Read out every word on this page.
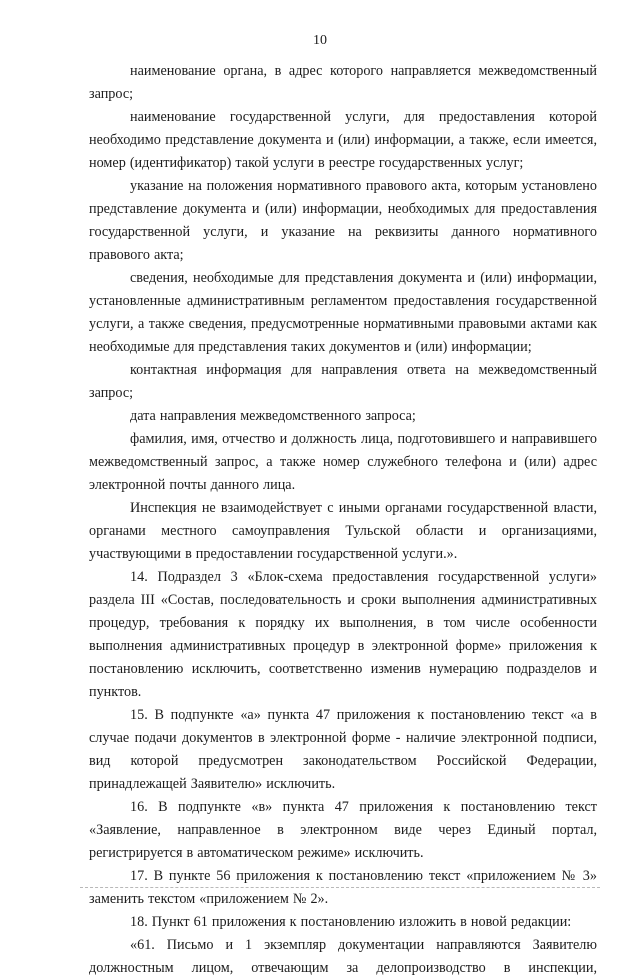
10

наименование органа, в адрес которого направляется межведомственный запрос;

наименование государственной услуги, для предоставления которой необходимо представление документа и (или) информации, а также, если имеется, номер (идентификатор) такой услуги в реестре государственных услуг;

указание на положения нормативного правового акта, которым установлено представление документа и (или) информации, необходимых для предоставления государственной услуги, и указание на реквизиты данного нормативного правового акта;

сведения, необходимые для представления документа и (или) информации, установленные административным регламентом предоставления государственной услуги, а также сведения, предусмотренные нормативными правовыми актами как необходимые для представления таких документов и (или) информации;

контактная информация для направления ответа на межведомственный запрос;

дата направления межведомственного запроса;

фамилия, имя, отчество и должность лица, подготовившего и направившего межведомственный запрос, а также номер служебного телефона и (или) адрес электронной почты данного лица.

Инспекция не взаимодействует с иными органами государственной власти, органами местного самоуправления Тульской области и организациями, участвующими в предоставлении государственной услуги.».

14. Подраздел 3 «Блок-схема предоставления государственной услуги» раздела III «Состав, последовательность и сроки выполнения административных процедур, требования к порядку их выполнения, в том числе особенности выполнения административных процедур в электронной форме» приложения к постановлению исключить, соответственно изменив нумерацию подразделов и пунктов.

15. В подпункте «а» пункта 47 приложения к постановлению текст «а в случае подачи документов в электронной форме - наличие электронной подписи, вид которой предусмотрен законодательством Российской Федерации, принадлежащей Заявителю» исключить.

16. В подпункте «в» пункта 47 приложения к постановлению текст «Заявление, направленное в электронном виде через Единый портал, регистрируется в автоматическом режиме» исключить.

17. В пункте 56 приложения к постановлению текст «приложением № 3» заменить текстом «приложением № 2».

18. Пункт 61 приложения к постановлению изложить в новой редакции:

«61. Письмо и 1 экземпляр документации направляются Заявителю должностным лицом, отвечающим за делопроизводство в инспекции,
